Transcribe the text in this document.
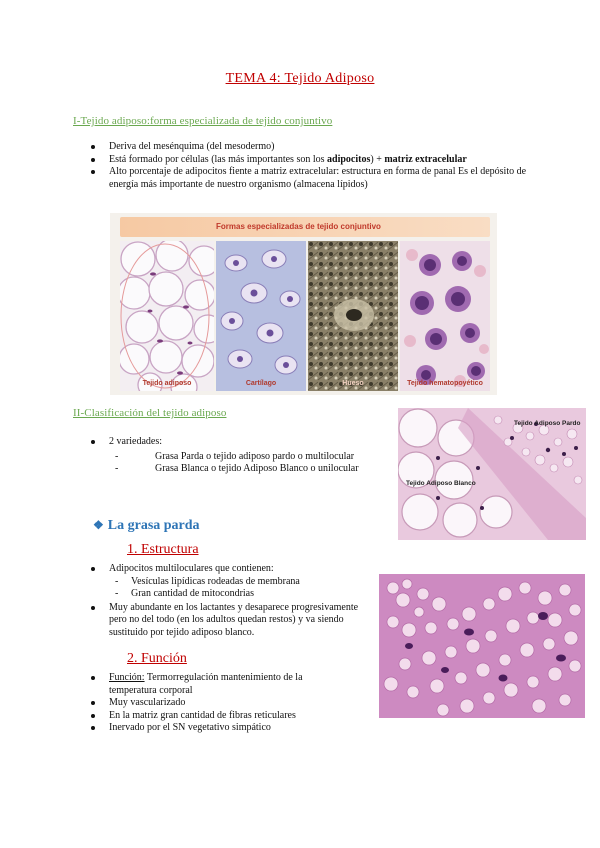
TEMA 4: Tejido Adiposo
I-Tejido adiposo:forma especializada de tejido conjuntivo
Deriva del mesénquima (del mesodermo)
Está formado por células (las más importantes son los adipocitos) + matriz extracelular
Alto porcentaje de adipocitos fiente a matriz extracelular: estructura en forma de panal Es el depósito de energía más importante de nuestro organismo (almacena lípidos)
Formas especializadas de tejido conjuntivo
Tejido adiposo	Cartílago	Hueso	Tejido hematopoyético
II-Clasificación del tejido adiposo
2 variedades:
- Grasa Parda o tejido adiposo pardo o multilocular
- Grasa Blanca o tejido Adiposo Blanco o unilocular
Tejido Adiposo Pardo
Tejido Adiposo Blanco
❖ La grasa parda
1. Estructura
Adipocitos multiloculares que contienen:
- Vesículas lipídicas rodeadas de membrana
- Gran cantidad de mitocondrias
Muy abundante en los lactantes y desaparece progresivamente pero no del todo (en los adultos quedan restos) y va siendo sustituido por tejido adiposo blanco.
2. Función
Función: Termorregulación mantenimiento de la temperatura corporal
Muy vascularizado
En la matriz gran cantidad de fibras reticulares
Inervado por el SN vegetativo simpático
